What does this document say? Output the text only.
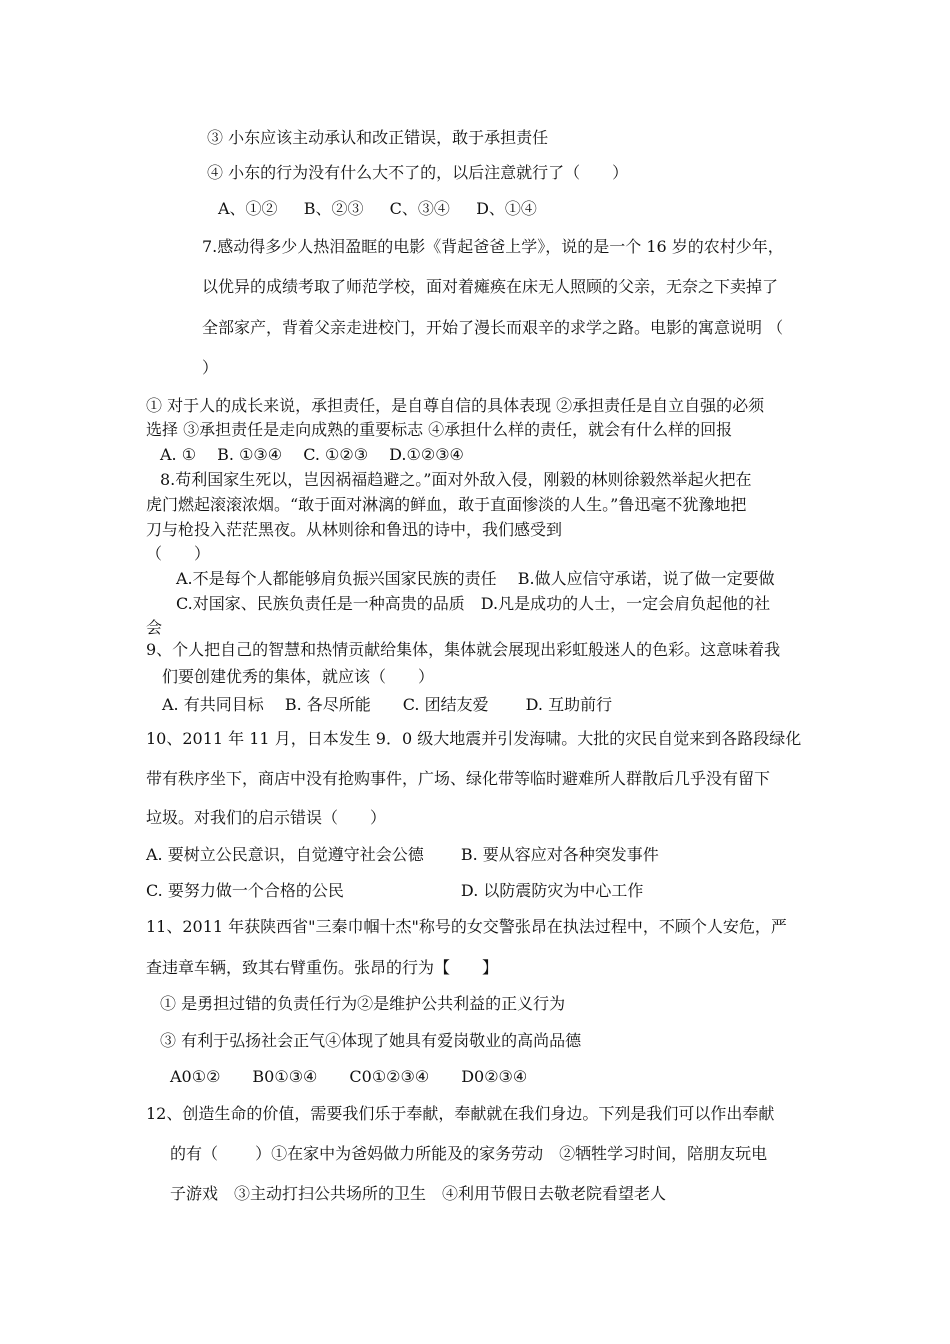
③ 小东应该主动承认和改正错误，敢于承担责任
④ 小东的行为没有什么大不了的，以后注意就行了（　　）
A、①②　  B、②③　  C、③④　  D、①④
7.感动得多少人热泪盈眶的电影《背起爸爸上学》，说的是一个 16 岁的农村少年，
以优异的成绩考取了师范学校，面对着瘫痪在床无人照顾的父亲，无奈之下卖掉了
全部家产，背着父亲走进校门，开始了漫长而艰辛的求学之路。电影的寓意说明 （
）
① 对于人的成长来说，承担责任，是自尊自信的具体表现 ②承担责任是自立自强的必须
选择 ③承担责任是走向成熟的重要标志 ④承担什么样的责任，就会有什么样的回报
A. ①　 B. ①③④　 C. ①②③　 D.①②③④
8.苟利国家生死以，岂因祸福趋避之。”面对外敌入侵，刚毅的林则徐毅然举起火把在
虎门燃起滚滚浓烟。“敢于面对淋漓的鲜血，敢于直面惨淡的人生。”鲁迅毫不犹豫地把
刀与枪投入茫茫黑夜。从林则徐和鲁迅的诗中，我们感受到
（　　）
A.不是每个人都能够肩负振兴国家民族的责任　 B.做人应信守承诺，说了做一定要做
C.对国家、民族负责任是一种高贵的品质　D.凡是成功的人士，一定会肩负起他的社
会
9、个人把自己的智慧和热情贡献给集体，集体就会展现出彩虹般迷人的色彩。这意味着我
们要创建优秀的集体，就应该（　　）
A. 有共同目标　 B. 各尽所能　　C. 团结友爱　　 D. 互助前行
10、2011 年 11 月，日本发生 9．0 级大地震并引发海啸。大批的灾民自觉来到各路段绿化
带有秩序坐下，商店中没有抢购事件，广场、绿化带等临时避难所人群散后几乎没有留下
垃圾。对我们的启示错误（　　）
A. 要树立公民意识，自觉遵守社会公德　　 B. 要从容应对各种突发事件
C. 要努力做一个合格的公民　　　　　　　 D. 以防震防灾为中心工作
11、2011 年获陕西省"三秦巾帼十杰"称号的女交警张昂在执法过程中，不顾个人安危，严
查违章车辆，致其右臂重伤。张昂的行为【　　】
① 是勇担过错的负责任行为②是维护公共利益的正义行为
③ 有利于弘扬社会正气④体现了她具有爱岗敬业的高尚品德
A0①②　　B0①③④　　C0①②③④　　D0②③④
12、创造生命的价值，需要我们乐于奉献，奉献就在我们身边。下列是我们可以作出奉献
的有（　　 ）①在家中为爸妈做力所能及的家务劳动　②牺牲学习时间，陪朋友玩电
子游戏　③主动打扫公共场所的卫生　④利用节假日去敬老院看望老人
